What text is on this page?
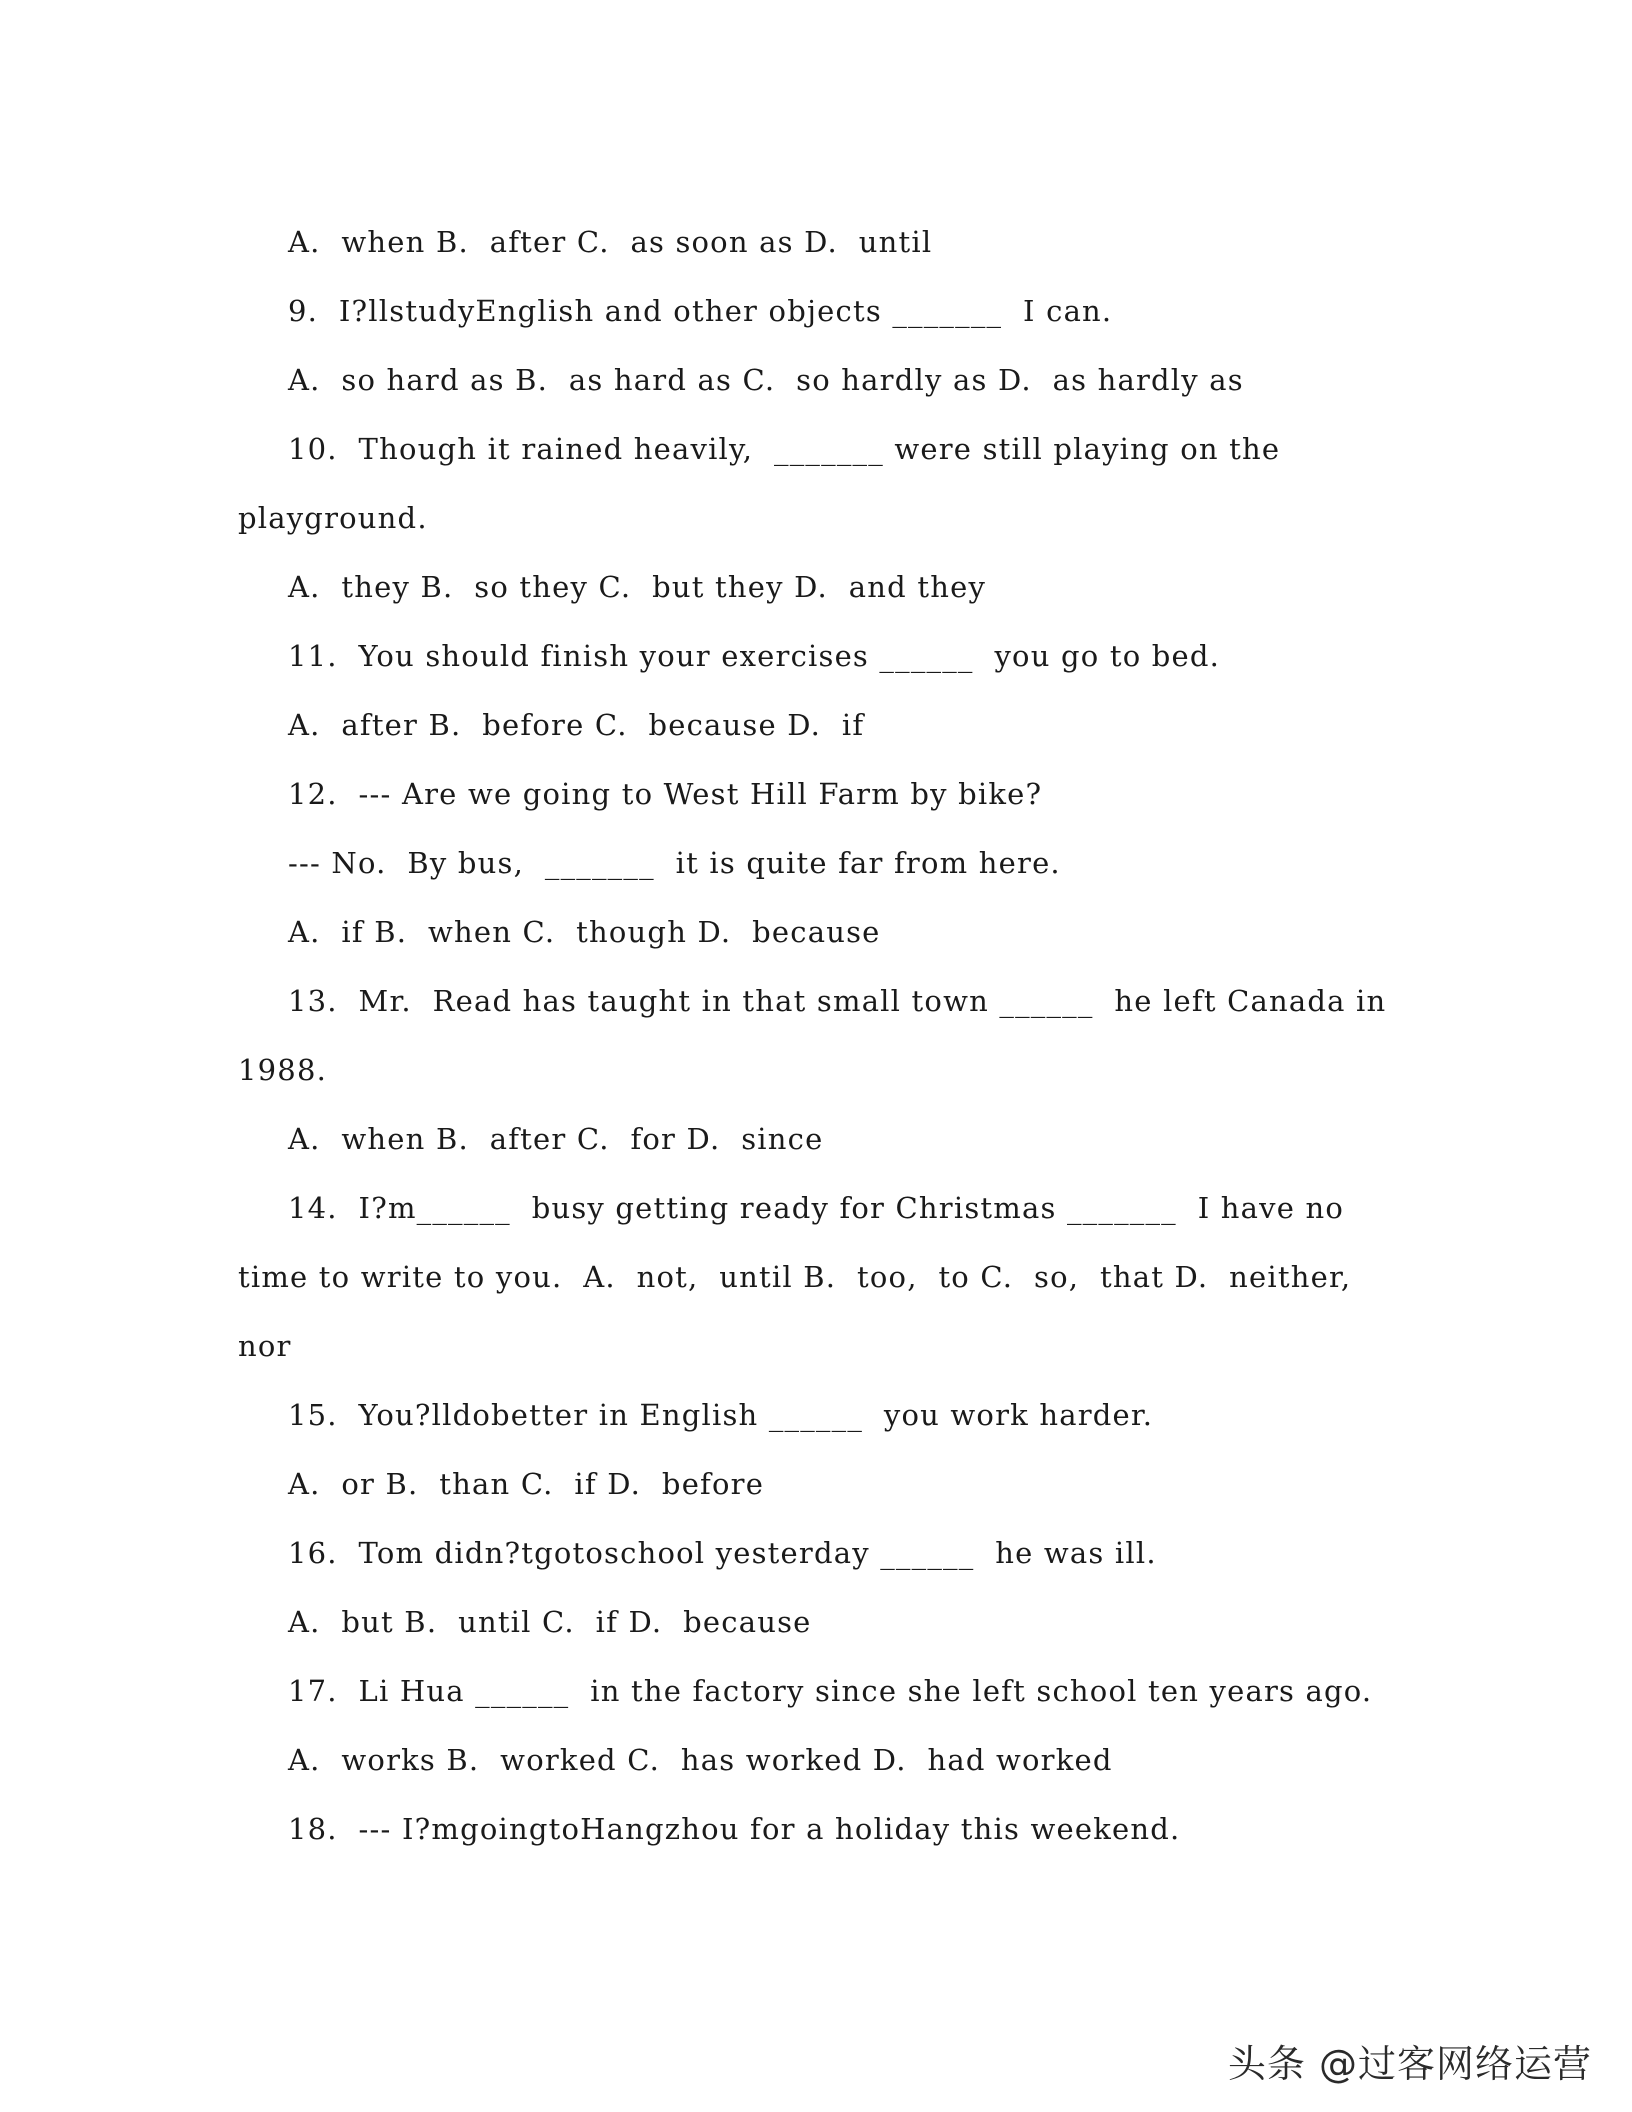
A.  when B.  after C.  as soon as D.  until
9.  I?llstudyEnglish and other objects _______  I can.
A.  so hard as B.  as hard as C.  so hardly as D.  as hardly as
10.  Though it rained heavily,  _______ were still playing on the
playground.
A.  they B.  so they C.  but they D.  and they
11.  You should finish your exercises ______  you go to bed.
A.  after B.  before C.  because D.  if
12.  --- Are we going to West Hill Farm by bike?
--- No.  By bus,  _______  it is quite far from here.
A.  if B.  when C.  though D.  because
13.  Mr.  Read has taught in that small town ______  he left Canada in
1988.
A.  when B.  after C.  for D.  since
14.  I?m______  busy getting ready for Christmas _______  I have no
time to write to you.  A.  not,  until B.  too,  to C.  so,  that D.  neither,
nor
15.  You?lldobetter in English ______  you work harder.
A.  or B.  than C.  if D.  before
16.  Tom didn?tgotoschool yesterday ______  he was ill.
A.  but B.  until C.  if D.  because
17.  Li Hua ______  in the factory since she left school ten years ago.
A.  works B.  worked C.  has worked D.  had worked
18.  --- I?mgoingtoHangzhou for a holiday this weekend.
头条 @过客网络运营
